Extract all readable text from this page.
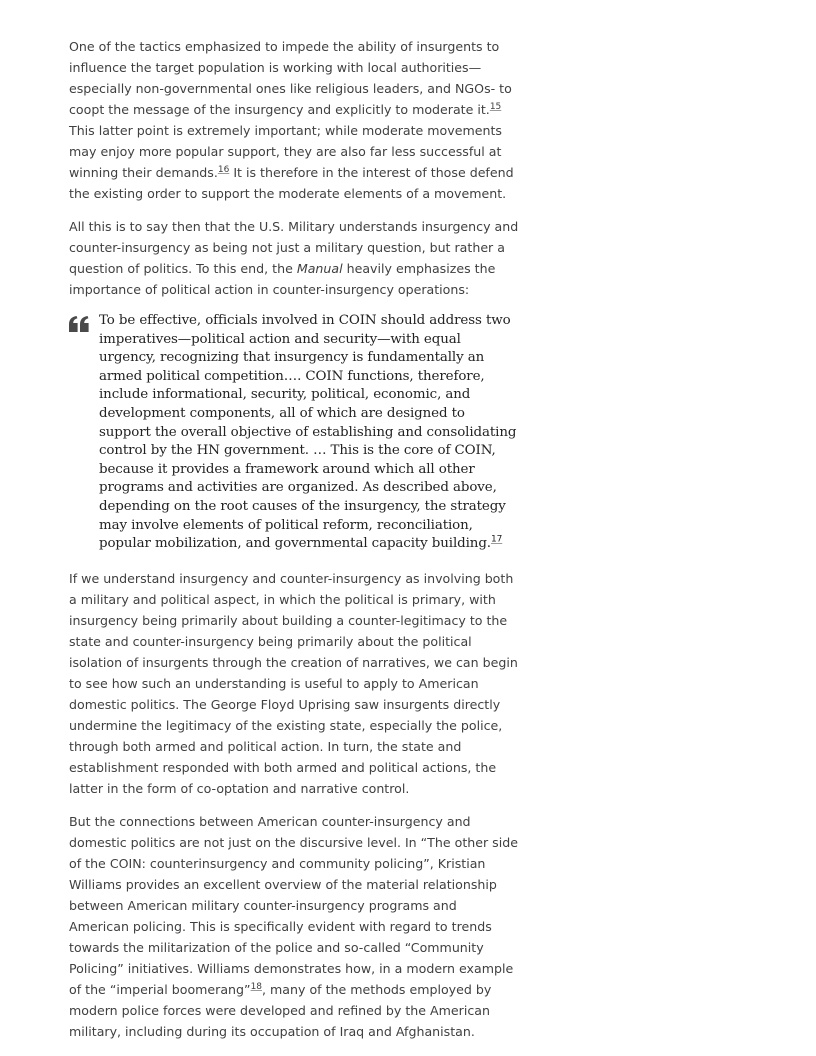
One of the tactics emphasized to impede the ability of insurgents to influence the target population is working with local authorities— especially non-governmental ones like religious leaders, and NGOs- to coopt the message of the insurgency and explicitly to moderate it.$^{15}$ This latter point is extremely important; while moderate movements may enjoy more popular support, they are also far less successful at winning their demands.$^{16}$ It is therefore in the interest of those defend the existing order to support the moderate elements of a movement.

All this is to say then that the U.S. Military understands insurgency and counter-insurgency as being not just a military question, but rather a question of politics. To this end, the Manual heavily emphasizes the importance of political action in counter-insurgency operations:

To be effective, officials involved in COIN should address two imperatives—political action and security—with equal urgency, recognizing that insurgency is fundamentally an armed political competition…. COIN functions, therefore, include informational, security, political, economic, and development components, all of which are designed to support the overall objective of establishing and consolidating control by the HN government. … This is the core of COIN, because it provides a framework around which all other programs and activities are organized. As described above, depending on the root causes of the insurgency, the strategy may involve elements of political reform, reconciliation, popular mobilization, and governmental capacity building.$^{17}$

If we understand insurgency and counter-insurgency as involving both a military and political aspect, in which the political is primary, with insurgency being primarily about building a counter-legitimacy to the state and counter-insurgency being primarily about the political isolation of insurgents through the creation of narratives, we can begin to see how such an understanding is useful to apply to American domestic politics. The George Floyd Uprising saw insurgents directly undermine the legitimacy of the existing state, especially the police, through both armed and political action. In turn, the state and establishment responded with both armed and political actions, the latter in the form of co-optation and narrative control.

But the connections between American counter-insurgency and domestic politics are not just on the discursive level. In “The other side of the COIN: counterinsurgency and community policing”, Kristian Williams provides an excellent overview of the material relationship between American military counter-insurgency programs and American policing. This is specifically evident with regard to trends towards the militarization of the police and so-called “Community Policing” initiatives. Williams demonstrates how, in a modern example of the “imperial boomerang”$^{18}$, many of the methods employed by modern police forces were developed and refined by the American military, including during its occupation of Iraq and Afghanistan.
